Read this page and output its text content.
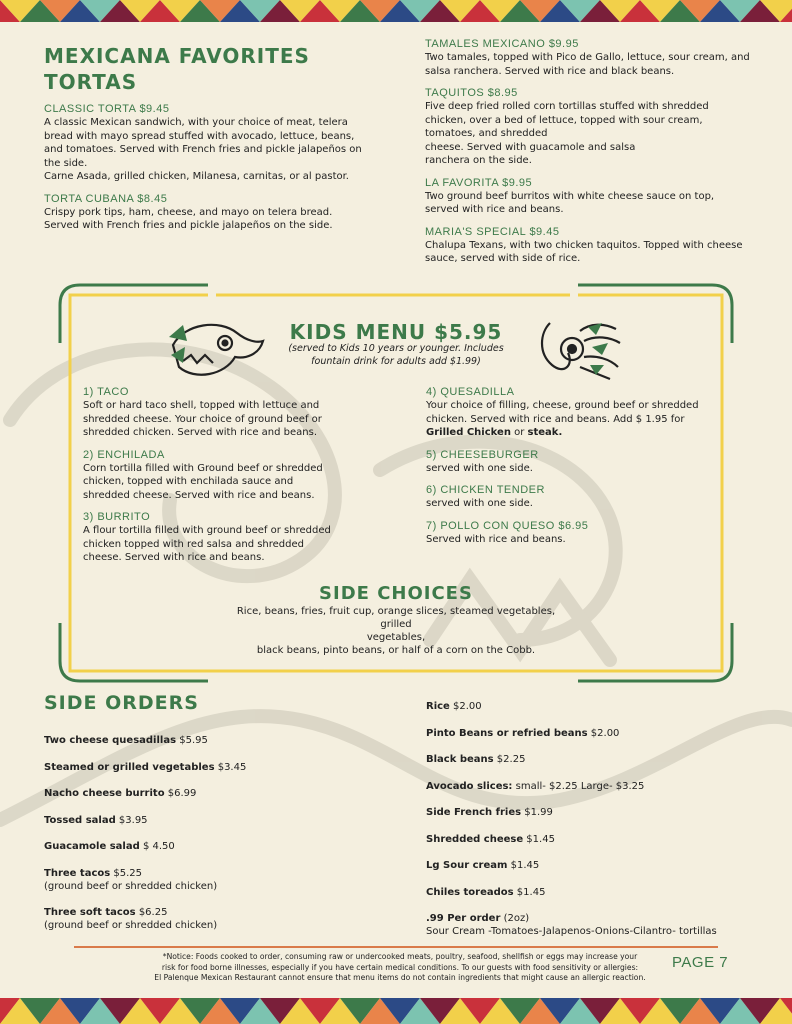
MEXICANA FAVORITES
TORTAS

CLASSIC TORTA $9.45

A classic Mexican sandwich, with your choice of meat, telera bread with mayo spread stuffed with avocado, lettuce, beans, and tomatoes. Served with French fries and pickle jalapeños on the side.

Carne Asada, grilled chicken, Milanesa, carnitas, or al pastor.

TORTA CUBANA $8.45

Crispy pork tips, ham, cheese, and mayo on telera bread. Served with French fries and pickle jalapeños on the side.

TAMALES MEXICANO $9.95

Two tamales, topped with Pico de Gallo, lettuce, sour cream, and salsa ranchera. Served with rice and black beans.

TAQUITOS $8.95

Five deep fried rolled corn tortillas stuffed with shredded chicken, over a bed of lettuce, topped with sour cream, tomatoes, and shredded

cheese. Served with guacamole and salsa

ranchera on the side.

LA FAVORITA $9.95

Two ground beef burritos with white cheese sauce on top, served with rice and beans.

MARIA'S SPECIAL $9.45

Chalupa Texans, with two chicken taquitos. Topped with cheese sauce, served with side of rice.

KIDS MENU $5.95
(served to Kids 10 years or younger. Includes
fountain drink for adults add $1.99)

1) TACO

Soft or hard taco shell, topped with lettuce and shredded cheese. Your choice of ground beef or shredded chicken. Served with rice and beans.

2) ENCHILADA

Corn tortilla filled with Ground beef or shredded chicken, topped with enchilada sauce and shredded cheese. Served with rice and beans.

3) BURRITO

A flour tortilla filled with ground beef or shredded chicken topped with red salsa and shredded cheese. Served with rice and beans.

4) QUESADILLA

Your choice of filling, cheese, ground beef or shredded chicken. Served with rice and beans. Add $ 1.95 for Grilled Chicken or steak.

5) CHEESEBURGER

served with one side.

6) CHICKEN TENDER

served with one side.

7) POLLO CON QUESO $6.95

Served with rice and beans.

SIDE CHOICES
Rice, beans, fries, fruit cup, orange slices, steamed vegetables, grilled
vegetables,
black beans, pinto beans, or half of a corn on the Cobb.
SIDE ORDERS

Two cheese quesadillas $5.95

Steamed or grilled vegetables $3.45

Nacho cheese burrito $6.99

Tossed salad $3.95

Guacamole salad $ 4.50

Three tacos $5.25

(ground beef or shredded chicken)

Three soft tacos $6.25

(ground beef or shredded chicken)

Rice $2.00

Pinto Beans or refried beans $2.00

Black beans $2.25

Avocado slices: small- $2.25 Large- $3.25

Side French fries $1.99

Shredded cheese $1.45

Lg Sour cream $1.45

Chiles toreados $1.45

.99 Per order (2oz)

Sour Cream -Tomatoes-Jalapenos-Onions-Cilantro- tortillas

*Notice: Foods cooked to order, consuming raw or undercooked meats, poultry, seafood, shellfish or eggs may increase your
risk for food borne illnesses, especially if you have certain medical conditions. To our guests with food sensitivity or allergies:
El Palenque Mexican Restaurant cannot ensure that menu items do not contain ingredients that might cause an allergic reaction.
PAGE 7
